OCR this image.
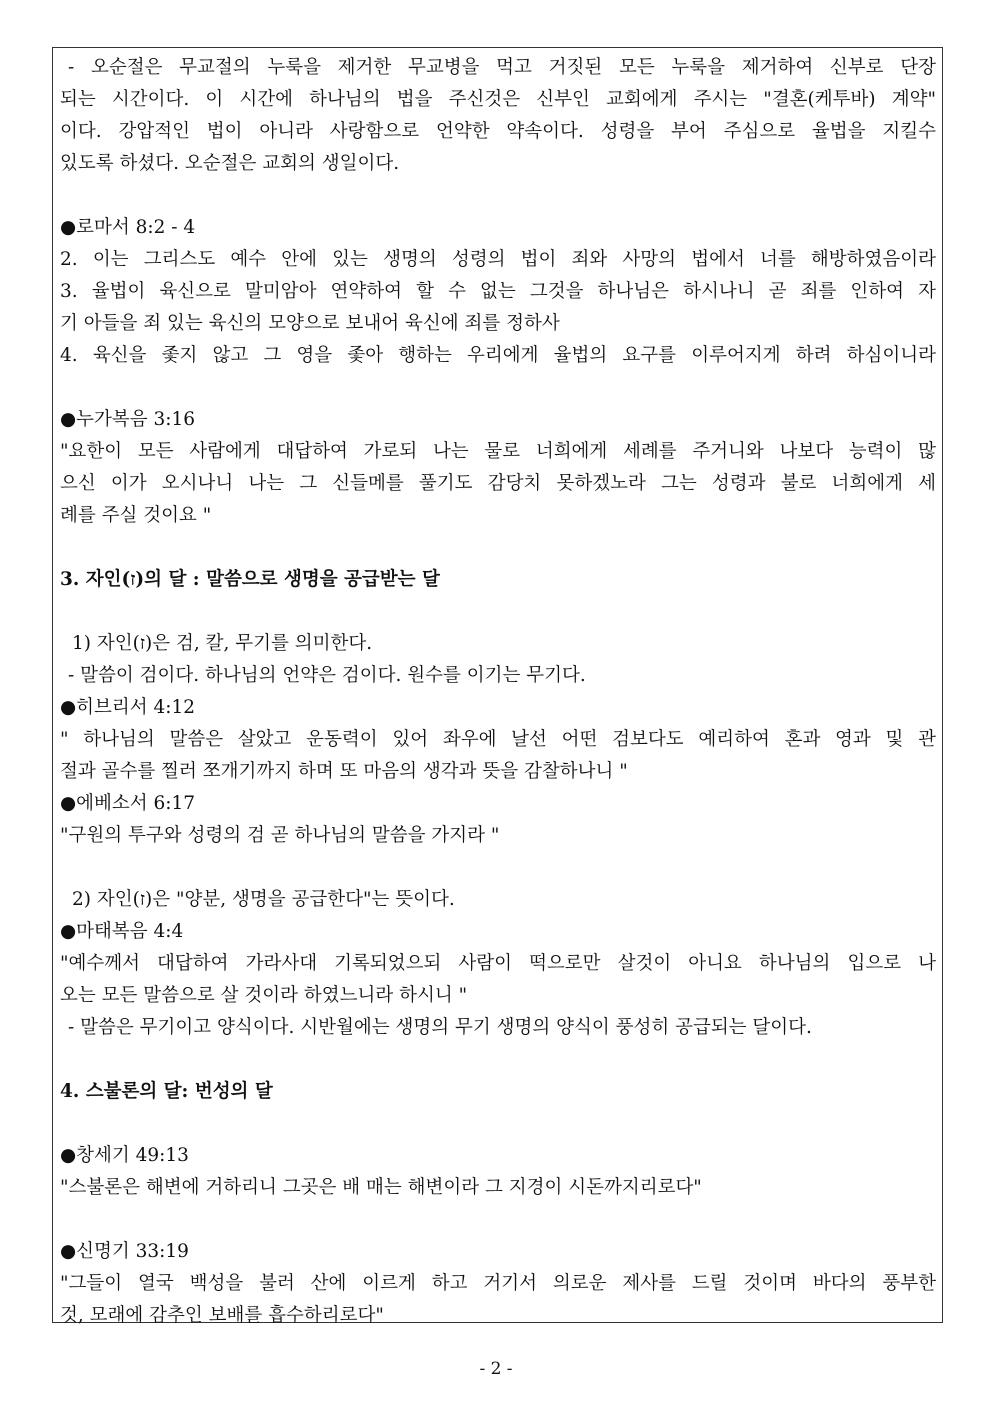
- 오순절은 무교절의 누룩을 제거한 무교병을 먹고 거짓된 모든 누룩을 제거하여 신부로 단장
되는 시간이다. 이 시간에 하나님의 법을 주신것은 신부인 교회에게 주시는 "결혼(케투바) 계약"
이다. 강압적인 법이 아니라 사랑함으로 언약한 약속이다. 성령을 부어 주심으로 율법을 지킬수
있도록 하셨다. 오순절은 교회의 생일이다.
●로마서 8:2 - 4
2. 이는 그리스도 예수 안에 있는 생명의 성령의 법이 죄와 사망의 법에서 너를 해방하였음이라
3. 율법이 육신으로 말미암아 연약하여 할 수 없는 그것을 하나님은 하시나니 곧 죄를 인하여 자
기 아들을 죄 있는 육신의 모양으로 보내어 육신에 죄를 정하사
4. 육신을 좇지 않고 그 영을 좇아 행하는 우리에게 율법의 요구를 이루어지게 하려 하심이니라
●누가복음 3:16
"요한이 모든 사람에게 대답하여 가로되 나는 물로 너희에게 세례를 주거니와 나보다 능력이 많
으신 이가 오시나니 나는 그 신들메를 풀기도 감당치 못하겠노라 그는 성령과 불로 너희에게 세
례를 주실 것이요 "
3. 자인(ז)의 달 : 말씀으로 생명을 공급받는 달
1) 자인(ז)은 검, 칼, 무기를 의미한다.
- 말씀이 검이다. 하나님의 언약은 검이다. 원수를 이기는 무기다.
●히브리서 4:12
" 하나님의 말씀은 살았고 운동력이 있어 좌우에 날선 어떤 검보다도 예리하여 혼과 영과 및 관
절과 골수를 찔러 쪼개기까지 하며 또 마음의 생각과 뜻을 감찰하나니 "
●에베소서 6:17
"구원의 투구와 성령의 검 곧 하나님의 말씀을 가지라 "
2) 자인(ז)은 "양분, 생명을 공급한다"는 뜻이다.
●마태복음 4:4
"예수께서 대답하여 가라사대 기록되었으되 사람이 떡으로만 살것이 아니요 하나님의 입으로 나
오는 모든 말씀으로 살 것이라 하였느니라 하시니 "
- 말씀은 무기이고 양식이다. 시반월에는 생명의 무기 생명의 양식이 풍성히 공급되는 달이다.
4. 스불론의 달: 번성의 달
●창세기 49:13
"스불론은 해변에 거하리니 그곳은 배 매는 해변이라 그 지경이 시돈까지리로다"
●신명기 33:19
"그들이 열국 백성을 불러 산에 이르게 하고 거기서 의로운 제사를 드릴 것이며 바다의 풍부한
것, 모래에 감추인 보배를 흡수하리로다"
- 2 -
